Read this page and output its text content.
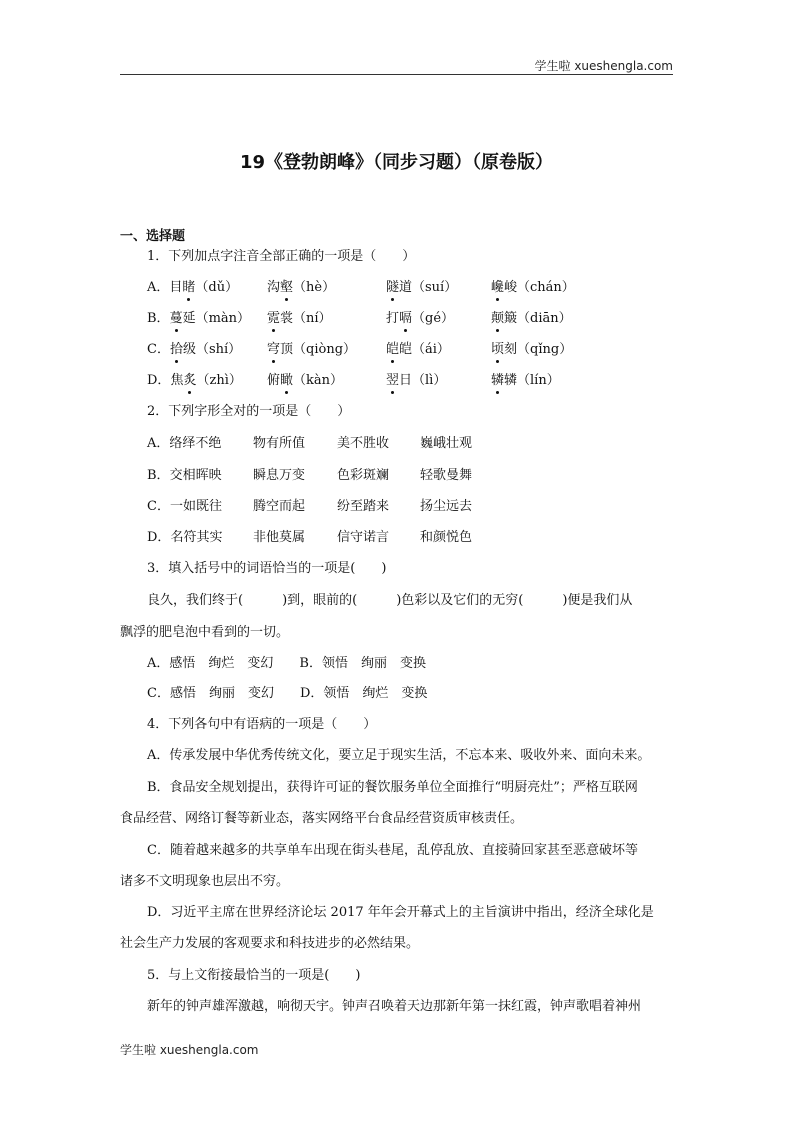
学生啦 xueshengla.com
19《登勃朗峰》（同步习题）（原卷版）
一、选择题
1．下列加点字注音全部正确的一项是（　　）
A．目睹（dǔ） 沟壑（hè）	隧道（suí）	巉峻（chán）
B．蔓延（màn） 霓裳（ní）	打嗝（gé）	颠簸（diān）
C．拾级（shí） 穹顶（qiòng） 皑皑（ái）	顷刻（qǐng）
D．焦炙（zhì） 俯瞰（kàn）	翌日（lì）	辚辚（lín）
2．下列字形全对的一项是（　　）
A．络绎不绝 物有所值 美不胜收 巍峨壮观
B．交相晖映 瞬息万变 色彩斑斓 轻歌曼舞
C．一如既往 腾空而起 纷至踏来 扬尘远去
D．名符其实 非他莫属 信守诺言 和颜悦色
3．填入括号中的词语恰当的一项是(　　)
良久，我们终于(　　　)到，眼前的(　　　)色彩以及它们的无穷(　　　)便是我们从
飘浮的肥皂泡中看到的一切。
A．感悟　绚烂　变幻　　B．领悟　绚丽　变换
C．感悟　绚丽　变幻　　D．领悟　绚烂　变换
4．下列各句中有语病的一项是（　　）
A．传承发展中华优秀传统文化，要立足于现实生活，不忘本来、吸收外来、面向未来。
B．食品安全规划提出，获得许可证的餐饮服务单位全面推行“明厨亮灶”；严格互联网
食品经营、网络订餐等新业态，落实网络平台食品经营资质审核责任。
C．随着越来越多的共享单车出现在街头巷尾，乱停乱放、直接骑回家甚至恶意破坏等
诸多不文明现象也层出不穷。
D．习近平主席在世界经济论坛 2017 年年会开幕式上的主旨演讲中指出，经济全球化是
社会生产力发展的客观要求和科技进步的必然结果。
5．与上文衔接最恰当的一项是(　　)
新年的钟声雄浑激越，响彻天宇。钟声召唤着天边那新年第一抹红霞，钟声歌唱着神州
学生啦 xueshengla.com
